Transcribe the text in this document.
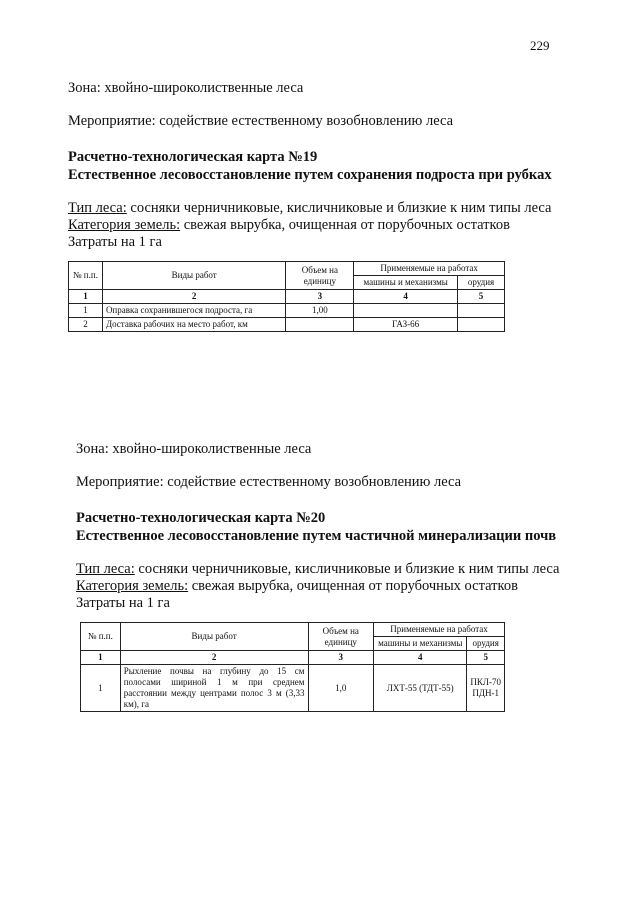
229
Зона: хвойно-широколиственные леса
Мероприятие: содействие естественному возобновлению леса
Расчетно-технологическая карта №19
Естественное лесовосстановление путем сохранения подроста при рубках
Тип леса: сосняки черничниковые, кисличниковые и близкие к ним типы леса
Категория земель: свежая вырубка, очищенная от порубочных остатков
Затраты на 1 га
№ п.п.	Виды работ	Объем на единицу	Применяемые на работах	
			машины и механизмы	орудия
1	2	3	4	5
1	Оправка сохранившегося подроста, га	1,00		
2	Доставка рабочих на место работ, км		ГАЗ-66	
Зона: хвойно-широколиственные леса
Мероприятие: содействие естественному возобновлению леса
Расчетно-технологическая карта №20
Естественное лесовосстановление путем частичной минерализации почв
Тип леса: сосняки черничниковые, кисличниковые и близкие к ним типы леса
Категория земель: свежая вырубка, очищенная от порубочных остатков
Затраты на 1 га
№ п.п.	Виды работ	Объем на единицу	Применяемые на работах	
			машины и механизмы	орудия
1	2	3	4	5
1	Рыхление почвы на глубину до 15 см полосами шириной 1 м при среднем расстоянии между центрами полос 3 м (3,33 км), га	1,0	ЛХТ-55 (ТДТ-55)	ПКЛ-70
ПДН-1
